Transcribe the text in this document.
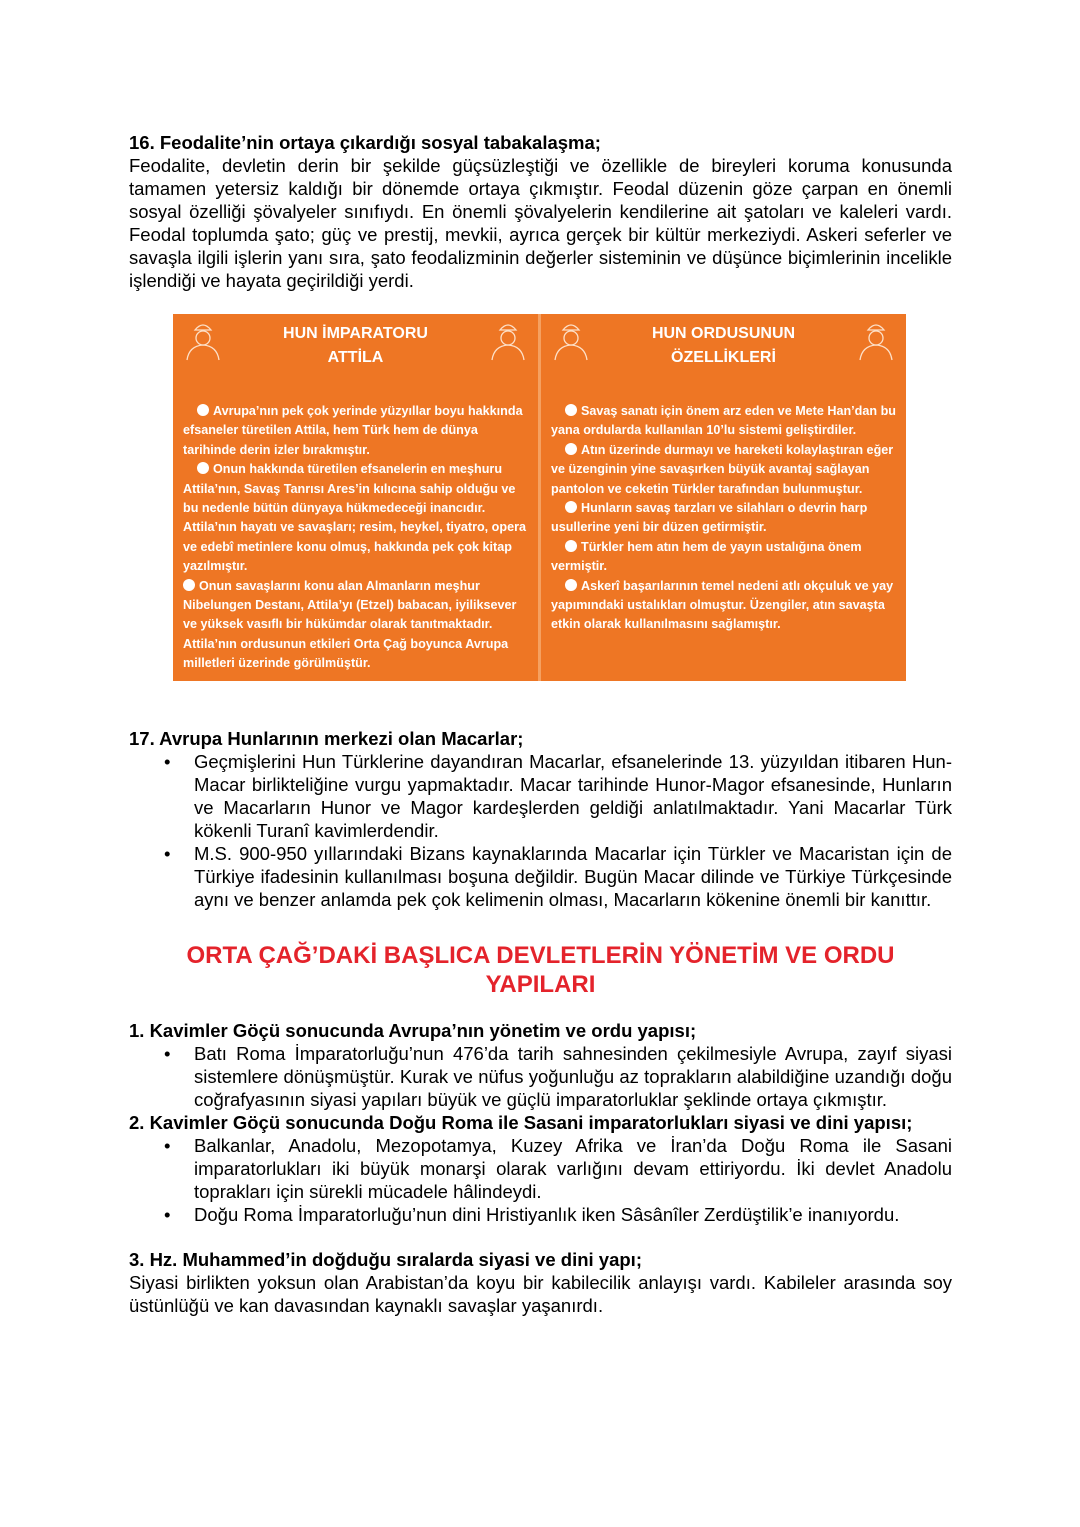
16. Feodalite’nin ortaya çıkardığı sosyal tabakalaşma;

Feodalite, devletin derin bir şekilde güçsüzleştiği ve özellikle de bireyleri koruma konusunda tamamen yetersiz kaldığı bir dönemde ortaya çıkmıştır. Feodal düzenin göze çarpan en önemli sosyal özelliği şövalyeler sınıfıydı. En önemli şövalyelerin kendilerine ait şatoları ve kaleleri vardı. Feodal toplumda şato; güç ve prestij, mevkii, ayrıca gerçek bir kültür merkeziydi. Askeri seferler ve savaşla ilgili işlerin yanı sıra, şato feodalizminin değerler sisteminin ve düşünce biçimlerinin incelikle işlendiği ve hayata geçirildiği yerdi.

HUN İMPARATORU
ATTİLA
Avrupa’nın pek çok yerinde yüzyıllar boyu hakkında efsaneler türetilen Attila, hem Türk hem de dünya tarihinde derin izler bırakmıştır.
Onun hakkında türetilen efsanelerin en meşhuru Attila’nın, Savaş Tanrısı Ares’in kılıcına sahip olduğu ve bu nedenle bütün dünyaya hükmedeceği inancıdır. Attila’nın hayatı ve savaşları; resim, heykel, tiyatro, opera ve edebî metinlere konu olmuş, hakkında pek çok kitap yazılmıştır.
Onun savaşlarını konu alan Almanların meşhur Nibelungen Destanı, Attila’yı (Etzel) babacan, iyiliksever ve yüksek vasıflı bir hükümdar olarak tanıtmaktadır. Attila’nın ordusunun etkileri Orta Çağ boyunca Avrupa milletleri üzerinde görülmüştür.
HUN ORDUSUNUN
ÖZELLİKLERİ
Savaş sanatı için önem arz eden ve Mete Han’dan bu yana ordularda kullanılan 10’lu sistemi geliştirdiler.
Atın üzerinde durmayı ve hareketi kolaylaştıran eğer ve üzenginin yine savaşırken büyük avantaj sağlayan pantolon ve ceketin Türkler tarafından bulunmuştur.
Hunların savaş tarzları ve silahları o devrin harp usullerine yeni bir düzen getirmiştir.
Türkler hem atın hem de yayın ustalığına önem vermiştir.
Askerî başarılarının temel nedeni atlı okçuluk ve yay yapımındaki ustalıkları olmuştur. Üzengiler, atın savaşta etkin olarak kullanılmasını sağlamıştır.
17. Avrupa Hunlarının merkezi olan Macarlar;
• Geçmişlerini Hun Türklerine dayandıran Macarlar, efsanelerinde 13. yüzyıldan itibaren Hun-Macar birlikteliğine vurgu yapmaktadır. Macar tarihinde Hunor-Magor efsanesinde, Hunların ve Macarların Hunor ve Magor kardeşlerden geldiği anlatılmaktadır. Yani Macarlar Türk kökenli Turanî kavimlerdendir.
• M.S. 900-950 yıllarındaki Bizans kaynaklarında Macarlar için Türkler ve Macaristan için de Türkiye ifadesinin kullanılması boşuna değildir. Bugün Macar dilinde ve Türkiye Türkçesinde aynı ve benzer anlamda pek çok kelimenin olması, Macarların kökenine önemli bir kanıttır.
ORTA ÇAĞ’DAKİ BAŞLICA DEVLETLERİN YÖNETİM VE ORDU YAPILARI
1. Kavimler Göçü sonucunda Avrupa’nın yönetim ve ordu yapısı;
• Batı Roma İmparatorluğu’nun 476’da tarih sahnesinden çekilmesiyle Avrupa, zayıf siyasi sistemlere dönüşmüştür. Kurak ve nüfus yoğunluğu az toprakların alabildiğine uzandığı doğu coğrafyasının siyasi yapıları büyük ve güçlü imparatorluklar şeklinde ortaya çıkmıştır.
2. Kavimler Göçü sonucunda Doğu Roma ile Sasani imparatorlukları siyasi ve dini yapısı;
• Balkanlar, Anadolu, Mezopotamya, Kuzey Afrika ve İran’da Doğu Roma ile Sasani imparatorlukları iki büyük monarşi olarak varlığını devam ettiriyordu. İki devlet Anadolu toprakları için sürekli mücadele hâlindeydi.
• Doğu Roma İmparatorluğu’nun dini Hristiyanlık iken Sâsânîler Zerdüştilik’e inanıyordu.
3. Hz. Muhammed’in doğduğu sıralarda siyasi ve dini yapı;

Siyasi birlikten yoksun olan Arabistan’da koyu bir kabilecilik anlayışı vardı. Kabileler arasında soy üstünlüğü ve kan davasından kaynaklı savaşlar yaşanırdı.
